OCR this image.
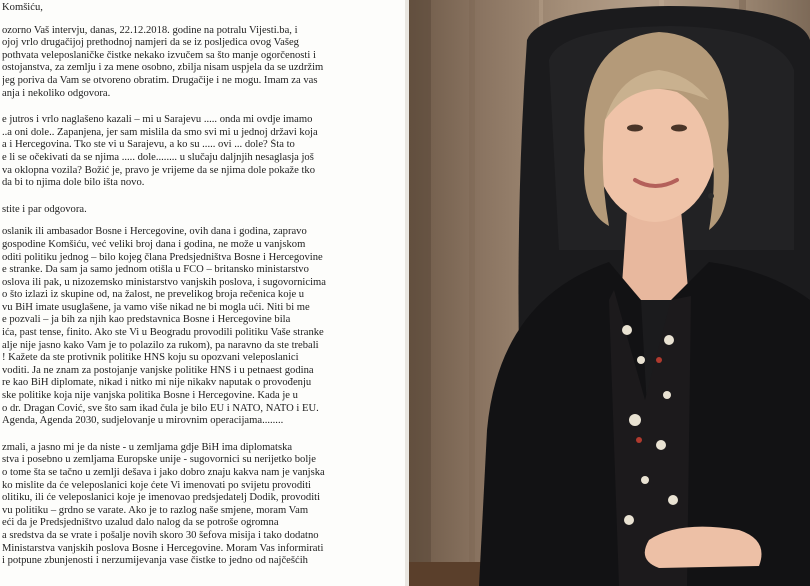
Komšiću,
ozorno Vaš intervju, danas, 22.12.2018. godine na potralu Vijesti.ba, i
ojoj vrlo drugačijoj prethodnoj namjeri da se iz posljedica ovog Vašeg
pothvata veleposlaničke čistke nekako izvučem sa što manje ogorčenosti i
ostojanstva, za zemlju i za mene osobno, zbilja nisam uspjela da se uzdržim
jeg poriva da Vam se otvoreno obratim. Drugačije i ne mogu. Imam za vas
anja i nekoliko odgovora.
e jutros i vrlo naglašeno kazali – mi u Sarajevu ..... onda mi ovdje imamo
..a oni dole.. Zapanjena, jer sam mislila da smo svi mi u jednoj državi koja
a i Hercegovina. Tko ste vi u Sarajevu, a ko su ..... ovi ... dole? Šta to
e li se očekivati da se njima ..... dole........ u slučaju daljnjih nesaglasja još
va oklopna vozila? Božić je, pravo je vrijeme da se njima dole pokaže tko
da bi to njima dole bilo išta novo.
stite i par odgovora.
oslanik ili ambasador Bosne i Hercegovine, ovih dana i godina, zapravo
gospodine Komšiću, već veliki broj dana i godina, ne može u vanjskom
oditi politiku jednog – bilo kojeg člana Predsjedništva Bosne i Hercegovine
e stranke. Da sam ja samo jednom otišla u FCO – britansko ministarstvo
oslova ili pak, u nizozemsko ministarstvo vanjskih poslova, i sugovornicima
o što izlazi iz skupine od, na žalost, ne prevelikog broja rečenica koje u
vu BiH imate usuglašene, ja vamo više nikad ne bi mogla ući. Niti bi me
e pozvali – ja bih za njih kao predstavnica Bosne i Hercegovine bila
ića, past tense, finito. Ako ste Vi u Beogradu provodili politiku Vaše stranke
alje nije jasno kako Vam je to polazilo za rukom), pa naravno da ste trebali
! Kažete da ste protivnik politike HNS koju su opozvani veleposlanici
voditi. Ja ne znam za postojanje vanjske politike HNS i u petnaest godina
re kao BiH diplomate, nikad i nitko mi nije nikakv naputak o provođenju
ske politike koja nije vanjska politika Bosne i Hercegovine. Kada je u
o dr. Dragan Čović, sve što sam ikad čula je bilo EU i NATO, NATO i EU.
Agenda, Agenda 2030, sudjelovanje u mirovnim operacijama........
zmali, a jasno mi je da niste - u zemljama gdje BiH ima diplomatska
stva i posebno u zemljama Europske unije - sugovornici su nerijetko bolje
o tome šta se tačno u zemlji dešava i jako dobro znaju kakva nam je vanjska
ko mislite da će veleposlanici koje ćete Vi imenovati po svijetu provoditi
olitiku, ili će veleposlanici koje je imenovao predsjedatelj Dodik, provoditi
vu politiku – grdno se varate. Ako je to razlog naše smjene, moram Vam
eći da je Predsjedništvo uzalud dalo nalog da se potroše ogromna
a sredstva da se vrate i pošalje novih skoro 30 šefova misija i tako dodatno
Ministarstva vanjskih poslova Bosne i Hercegovine. Moram Vas informirati
i potpune zbunjenosti i nerzumijevanja vase čistke to jedno od najčešćih
